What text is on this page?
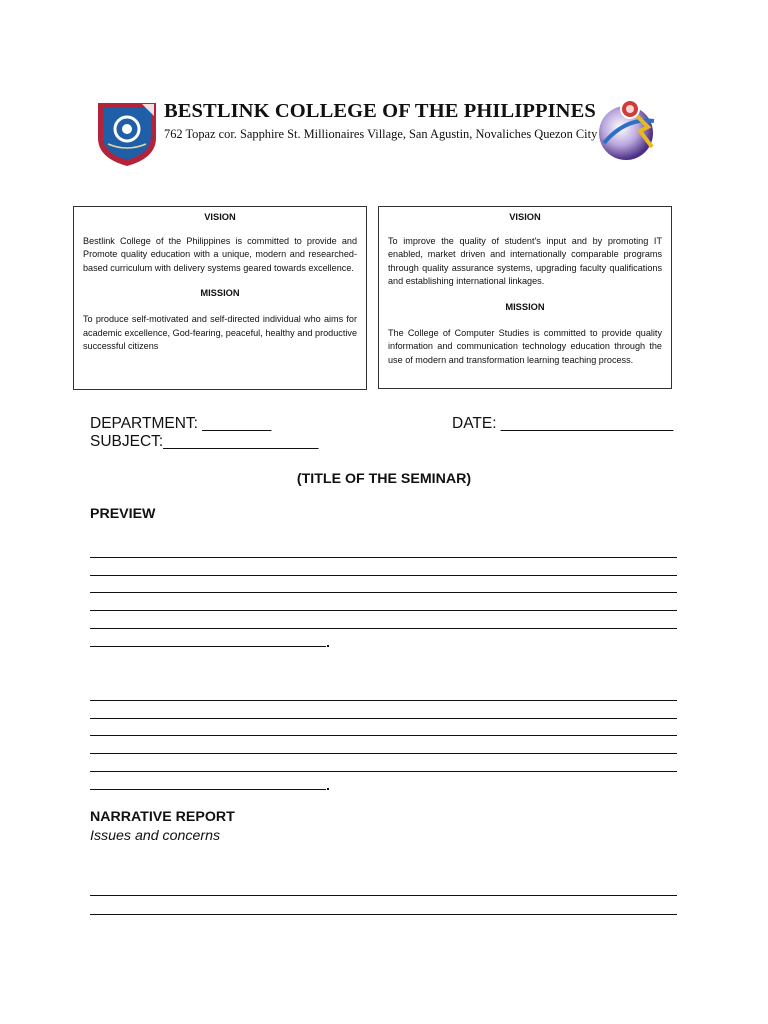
BESTLINK COLLEGE OF THE PHILIPPINES
762 Topaz cor. Sapphire St. Millionaires Village, San Agustin, Novaliches Quezon City
VISION
Bestlink College of the Philippines is committed to provide and Promote quality education with a unique, modern and researched-based curriculum with delivery systems geared towards excellence.
MISSION
To produce self-motivated and self-directed individual who aims for academic excellence, God-fearing, peaceful, healthy and productive successful citizens
VISION
To improve the quality of student's input and by promoting IT enabled, market driven and internationally comparable programs through quality assurance systems, upgrading faculty qualifications and establishing international linkages.
MISSION
The College of Computer Studies is committed to provide quality information and communication technology education through the use of modern and transformation learning teaching process.
DEPARTMENT: ________	DATE: ____________________
SUBJECT:__________________
(TITLE OF THE SEMINAR)
PREVIEW
NARRATIVE REPORT
Issues and concerns
